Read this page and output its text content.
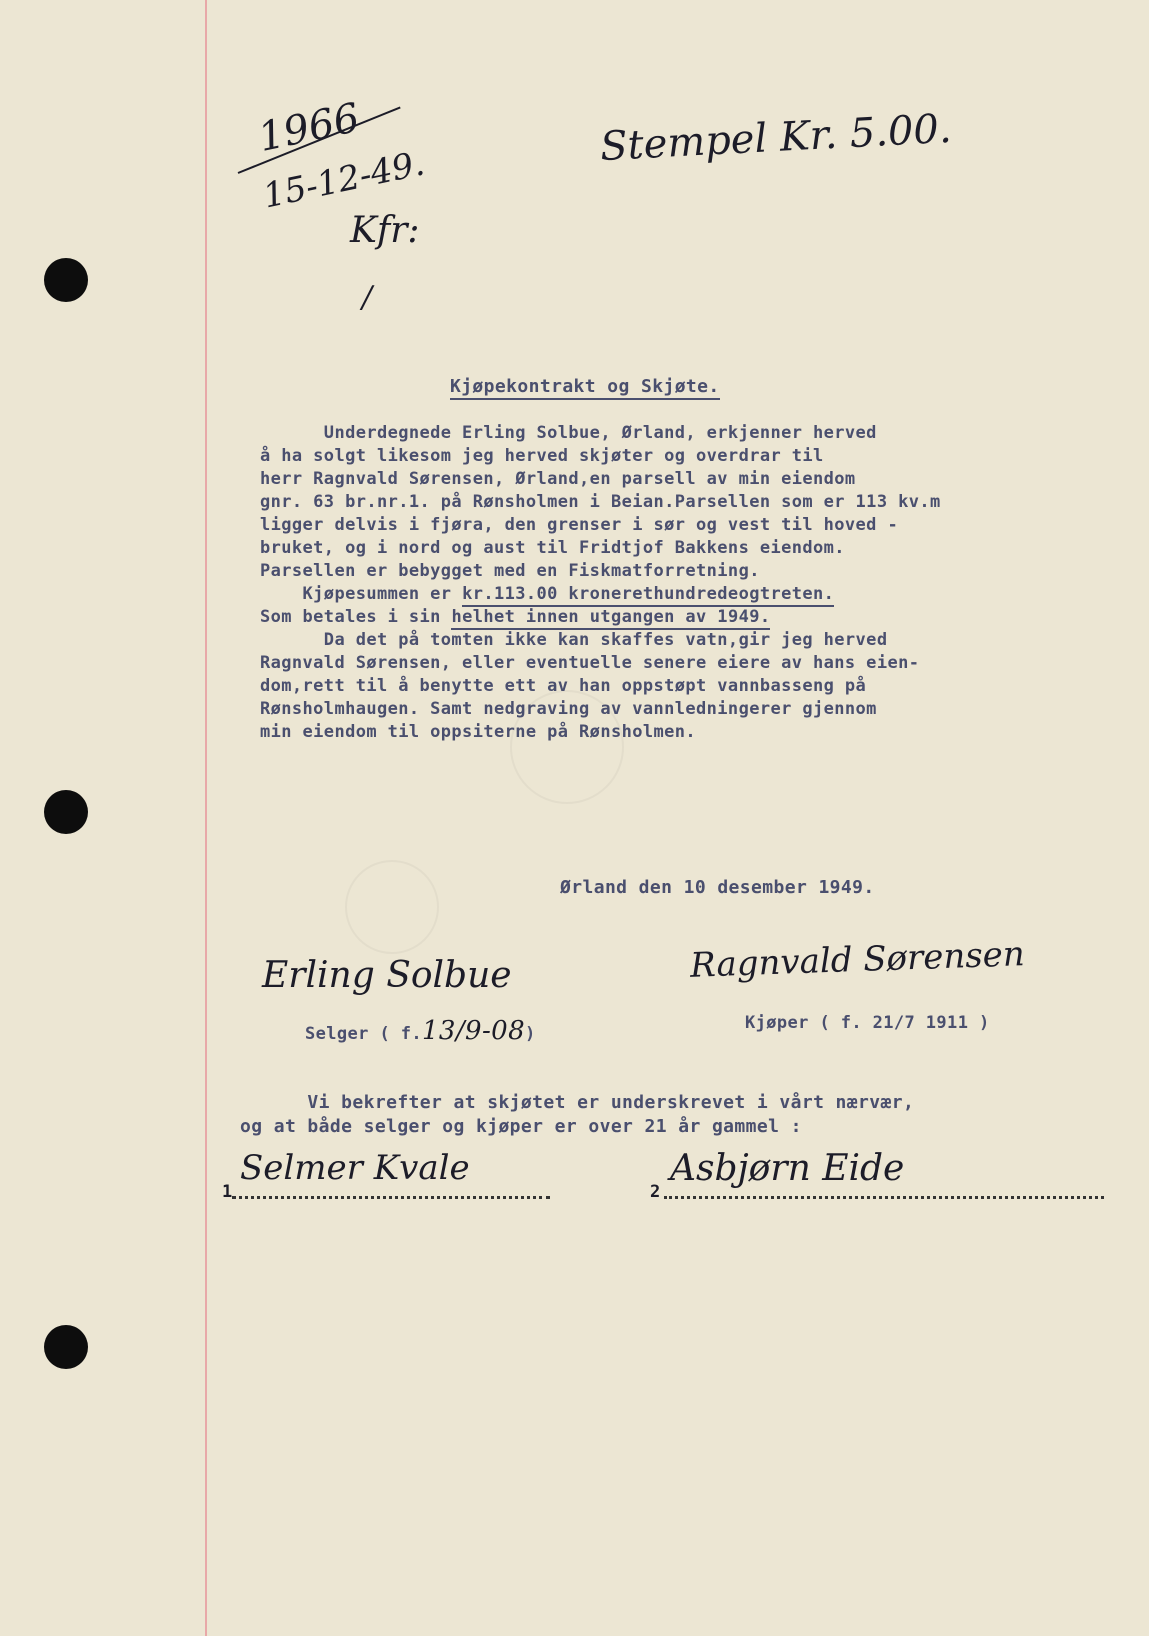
1966
15-12-49.
Kfr:
/
Stempel Kr. 5.00.

Kjøpekontrakt og Skjøte.

Underdegnede Erling Solbue, Ørland, erkjenner herved
å ha solgt likesom jeg herved skjøter og overdrar til
herr Ragnvald Sørensen, Ørland,en parsell av min eiendom
gnr. 63 br.nr.1. på Rønsholmen i Beian.Parsellen som er 113 kv.m
ligger delvis i fjøra, den grenser i sør og vest til hoved -
bruket, og i nord og aust til Fridtjof Bakkens eiendom.
Parsellen er bebygget med en Fiskmatforretning.
Kjøpesummen er kr.113.00 kronerethundredeogtreten.
Som betales i sin helhet innen utgangen av 1949.
Da det på tomten ikke kan skaffes vatn,gir jeg herved
Ragnvald Sørensen, eller eventuelle senere eiere av hans eien-
dom,rett til å benytte ett av han oppstøpt vannbasseng på
Rønsholmhaugen. Samt nedgraving av vannledningerer gjennom
min eiendom til oppsiterne på Rønsholmen.
Ørland den 10 desember 1949.
Erling Solbue
Selger ( f.13/9-08)
Ragnvald Sørensen
Kjøper ( f. 21/7 1911 )
Vi bekrefter at skjøtet er underskrevet i vårt nærvær,
og at både selger og kjøper er over 21 år gammel :
1
Selmer Kvale
2
Asbjørn Eide
